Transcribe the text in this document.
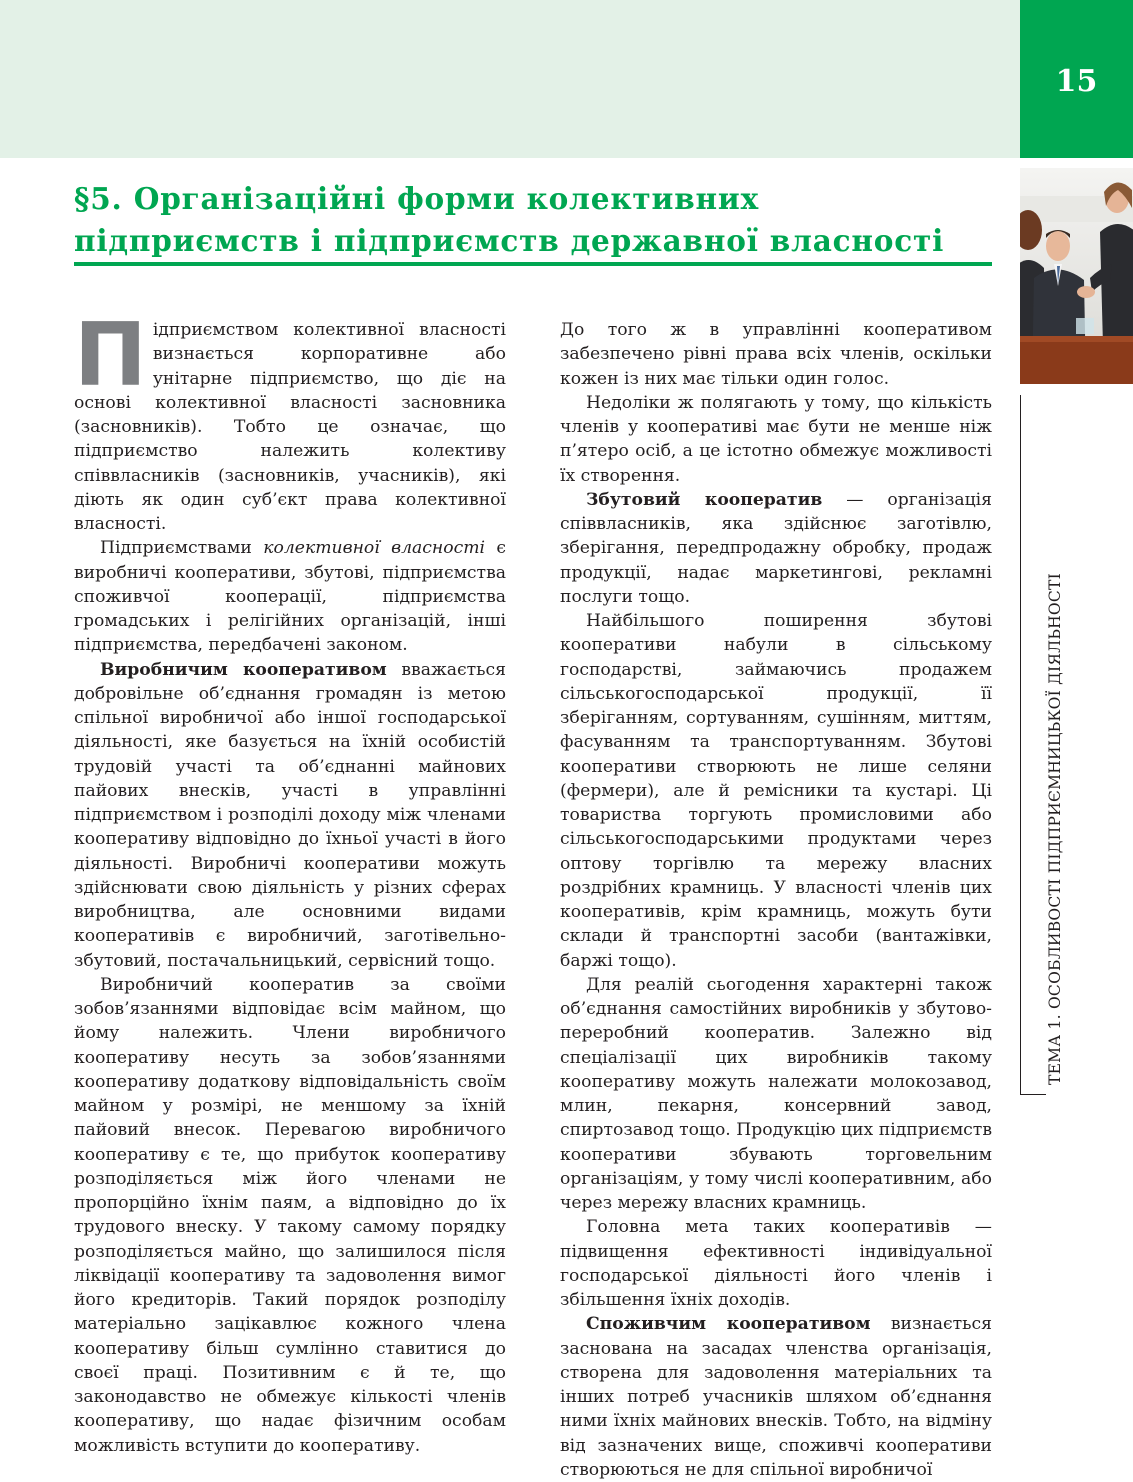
15
§5. Організаційні форми колективних
підприємств і підприємств державної власності
ТЕМА 1. ОСОБЛИВОСТІ ПІДПРИЄМНИЦЬКОЇ ДІЯЛЬНОСТІ

Підприємством колективної власності визнається корпоративне або унітарне підприємство, що діє на основі колективної власності засновника (засновників). Тобто це означає, що підприємство належить колективу співвласників (засновників, учасників), які діють як один суб’єкт права колективної власності.

Підприємствами колективної власності є виробничі кооперативи, збутові, підприємства споживчої кооперації, підприємства громадських і релігійних організацій, інші підприємства, передбачені законом.

Виробничим кооперативом вважається добровільне об’єднання громадян із метою спільної виробничої або іншої господарської діяльності, яке базується на їхній особистій трудовій участі та об’єднанні майнових пайових внесків, участі в управлінні підприємством і розподілі доходу між членами кооперативу відповідно до їхньої участі в його діяльності. Виробничі кооперативи можуть здійснювати свою діяльність у різних сферах виробництва, але основними видами кооперативів є виробничий, заготівельно-збутовий, постачальницький, сервісний тощо.

Виробничий кооператив за своїми зобов’язаннями відповідає всім майном, що йому належить. Члени виробничого кооперативу несуть за зобов’язаннями кооперативу додаткову відповідальність своїм майном у розмірі, не меншому за їхній пайовий внесок. Перевагою виробничого кооперативу є те, що прибуток кооперативу розподіляється між його членами не пропорційно їхнім паям, а відповідно до їх трудового внеску. У такому самому порядку розподіляється майно, що залишилося після ліквідації кооперативу та задоволення вимог його кредиторів. Такий порядок розподілу матеріально зацікавлює кожного члена кооперативу більш сумлінно ставитися до своєї праці. Позитивним є й те, що законодавство не обмежує кількості членів кооперативу, що надає фізичним особам можливість вступити до кооперативу.

До того ж в управлінні кооперативом забезпечено рівні права всіх членів, оскільки кожен із них має тільки один голос.

Недоліки ж полягають у тому, що кількість членів у кооперативі має бути не менше ніж п’ятеро осіб, а це істотно обмежує можливості їх створення.

Збутовий кооператив — організація співвласників, яка здійснює заготівлю, зберігання, передпродажну обробку, продаж продукції, надає маркетингові, рекламні послуги тощо.

Найбільшого поширення збутові кооперативи набули в сільському господарстві, займаючись продажем сільськогосподарської продукції, її зберіганням, сортуванням, сушінням, миттям, фасуванням та транспортуванням. Збутові кооперативи створюють не лише селяни (фермери), але й ремісники та кустарі. Ці товариства торгують промисловими або сільськогосподарськими продуктами через оптову торгівлю та мережу власних роздрібних крамниць. У власності членів цих кооперативів, крім крамниць, можуть бути склади й транспортні засоби (вантажівки, баржі тощо).

Для реалій сьогодення характерні також об’єднання самостійних виробників у збутово-переробний кооператив. Залежно від спеціалізації цих виробників такому кооперативу можуть належати молокозавод, млин, пекарня, консервний завод, спиртозавод тощо. Продукцію цих підприємств кооперативи збувають торговельним організаціям, у тому числі кооперативним, або через мережу власних крамниць.

Головна мета таких кооперативів — підвищення ефективності індивідуальної господарської діяльності його членів і збільшення їхніх доходів.

Споживчим кооперативом визнається заснована на засадах членства організація, створена для задоволення матеріальних та інших потреб учасників шляхом об’єднання ними їхніх майнових внесків. Тобто, на відміну від зазначених вище, споживчі кооперативи створюються не для спільної виробничої
